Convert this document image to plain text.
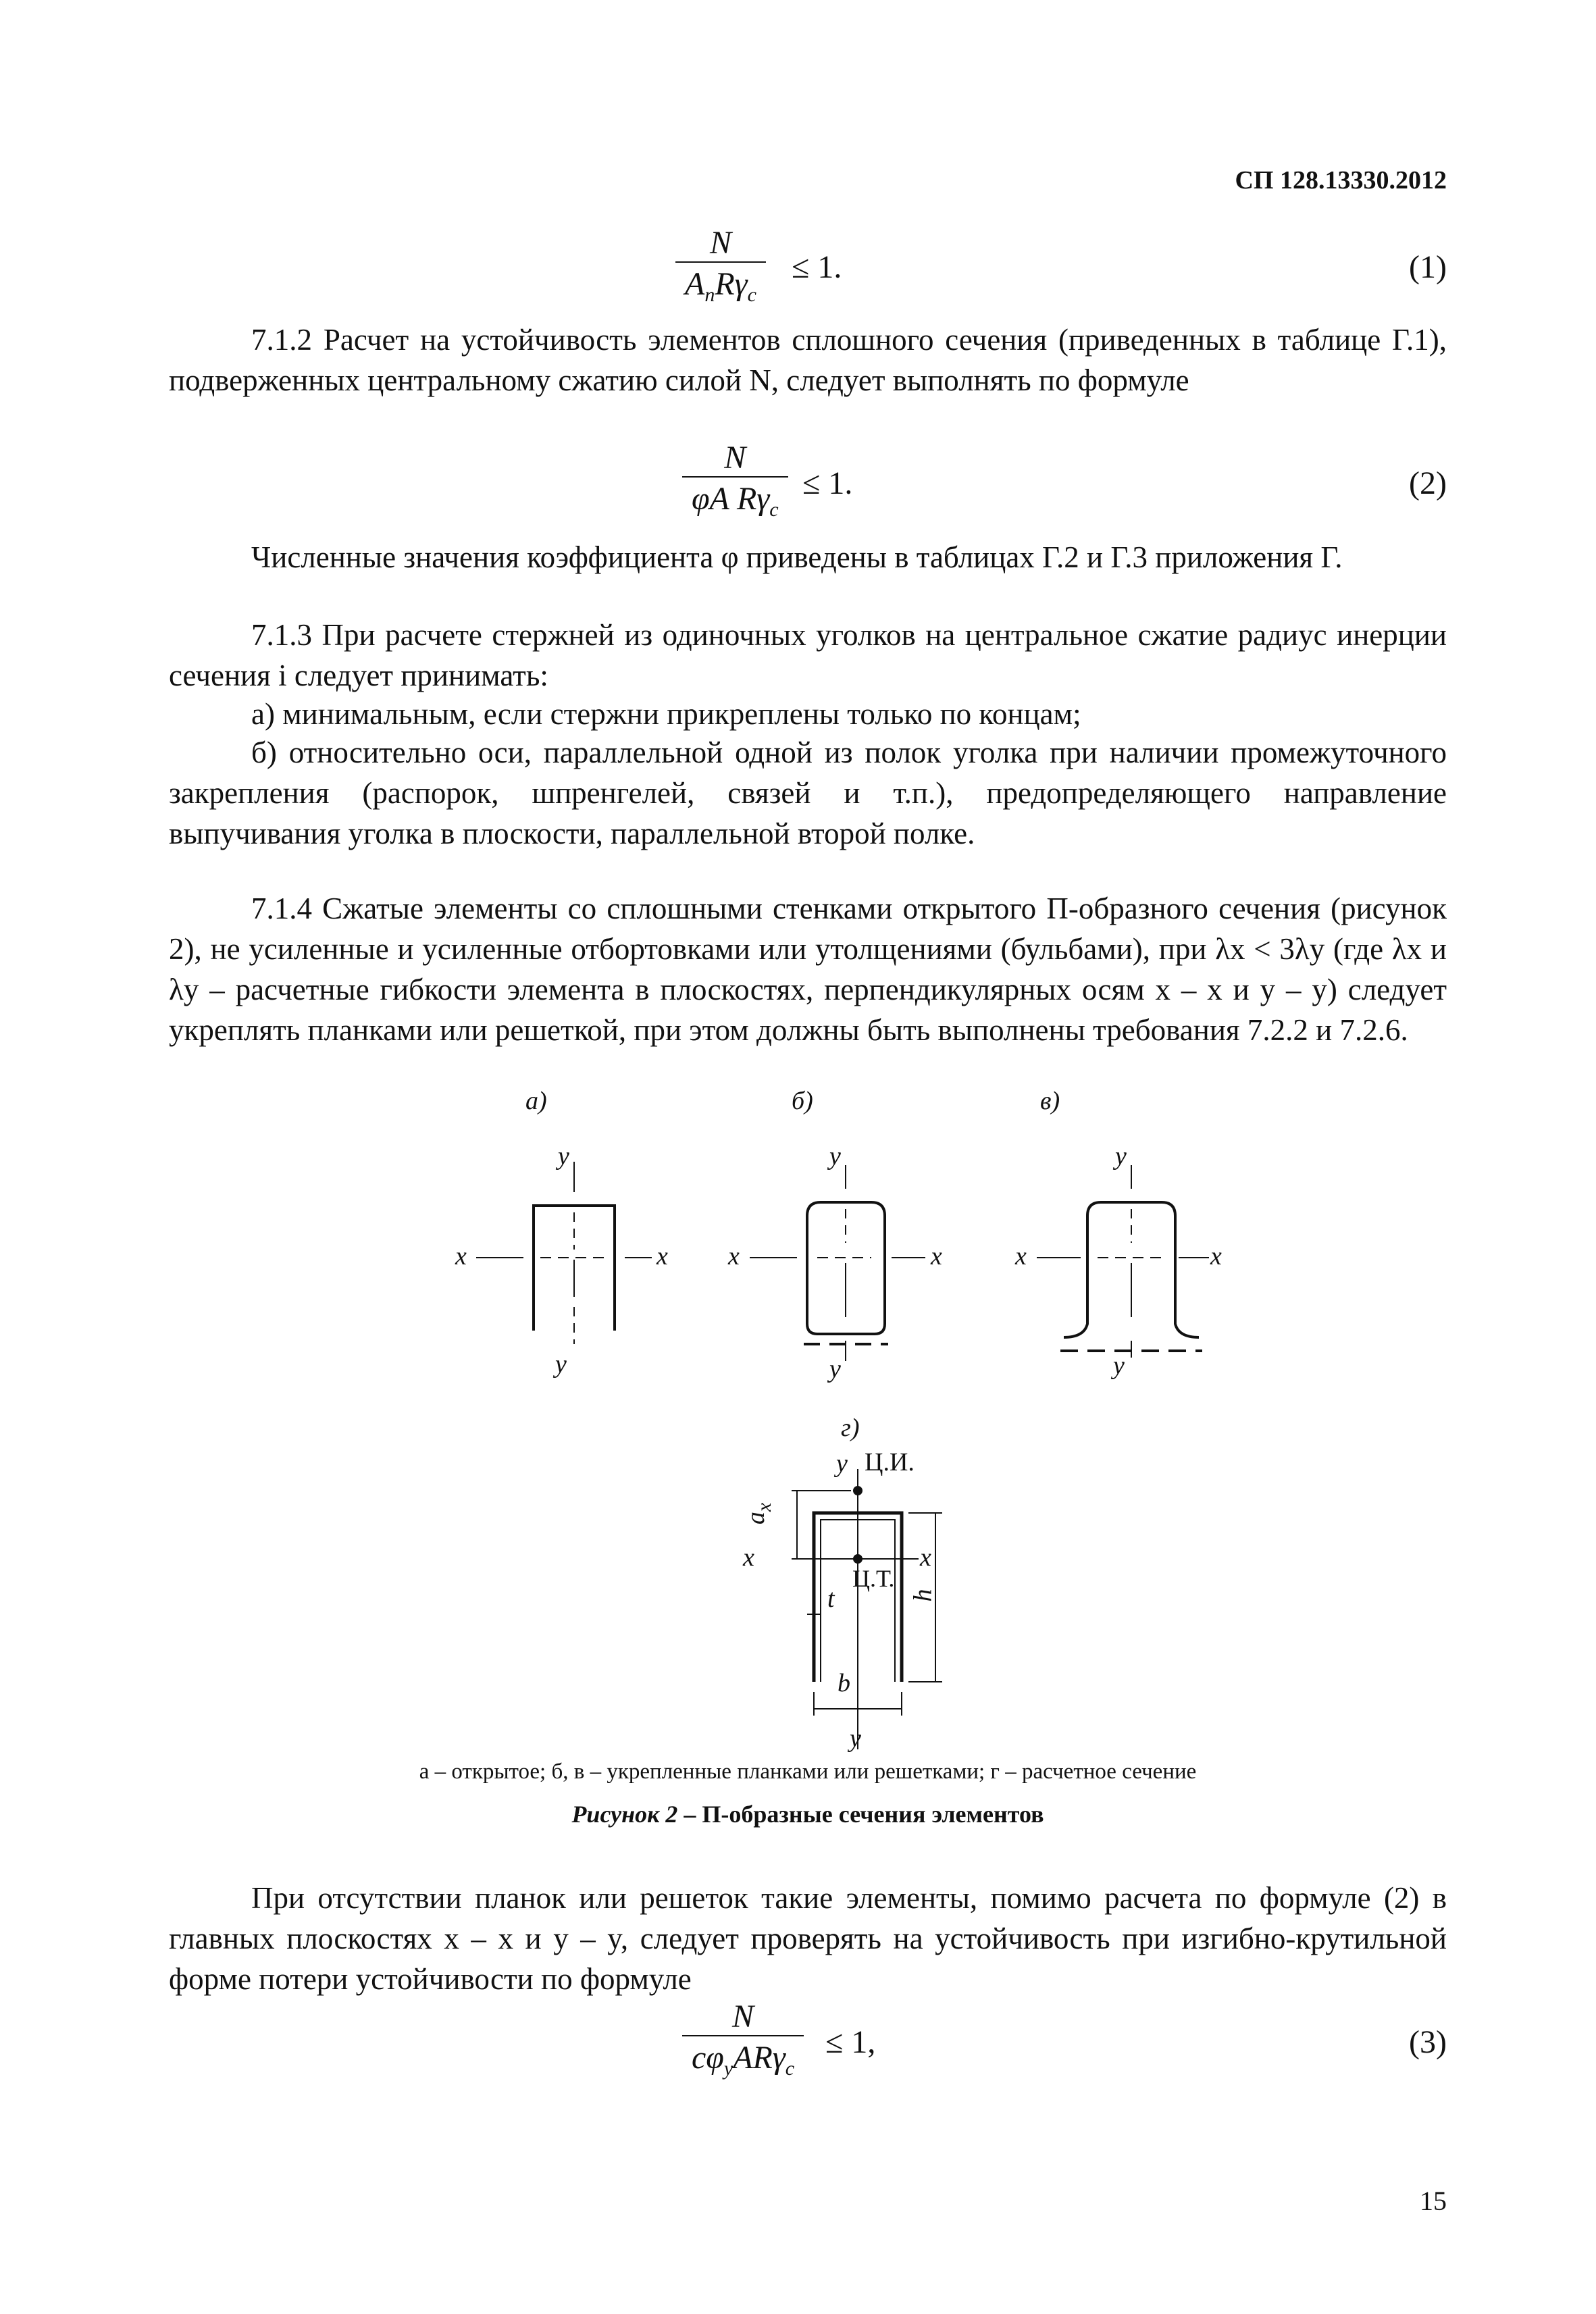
СП 128.13330.2012
N
$A_nR\gamma_c$
≤ 1.	(1)
7.1.2 Расчет на устойчивость элементов сплошного сечения (приведенных в таблице Г.1), подверженных центральному сжатию силой N, следует выполнять по формуле
N
φA $R\gamma_c$
≤ 1.	(2)
Численные значения коэффициента φ приведены в таблицах Г.2 и Г.3 приложения Г.
7.1.3 При расчете стержней из одиночных уголков на центральное сжатие радиус инерции сечения i следует принимать:
а) минимальным, если стержни прикреплены только по концам;
б) относительно оси, параллельной одной из полок уголка при наличии промежуточного закрепления (распорок, шпренгелей, связей и т.п.), предопределяющего направление выпучивания уголка в плоскости, параллельной второй полке.
7.1.4 Сжатые элементы со сплошными стенками открытого П-образного сечения (рисунок 2), не усиленные и усиленные отбортовками или утолщениями (бульбами), при λx < 3λy (где λx и λy – расчетные гибкости элемента в плоскостях, перпендикулярных осям x – x и y – y) следует укреплять планками или решеткой, при этом должны быть выполнены требования 7.2.2 и 7.2.6.
а)	б)	в)
г)
y
x	x
y
y
x	x
y
y
x	x
y
y Ц.И.
Ц.Т.
x	x
$a_x$
t	h
b
y
а – открытое; б, в – укрепленные планками или решетками; г – расчетное сечение
Рисунок 2 – П-образные сечения элементов
При отсутствии планок или решеток такие элементы, помимо расчета по формуле (2) в главных плоскостях x – x и y – y, следует проверять на устойчивость при изгибно-крутильной форме потери устойчивости по формуле
N
$c\varphi_yAR\gamma_c$
≤ 1,	(3)
15
